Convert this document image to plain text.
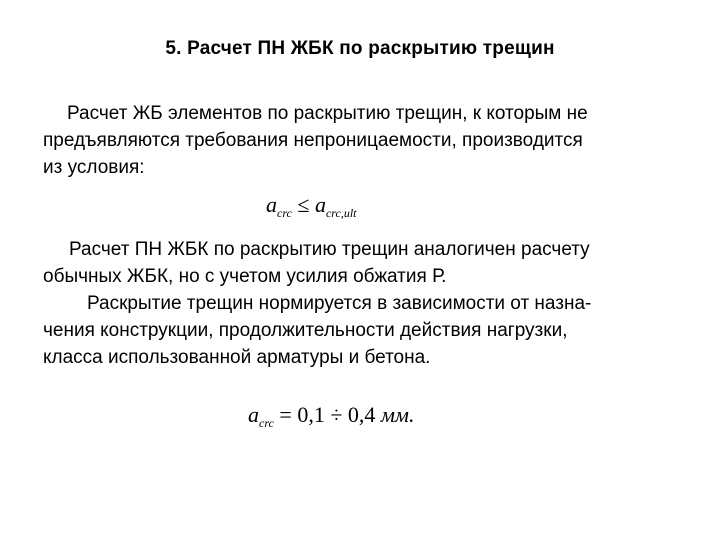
5. Расчет ПН ЖБК по раскрытию трещин
Расчет ЖБ элементов по раскрытию трещин, к которым не
предъявляются требования непроницаемости, производится
из условия:
$a_{crc} \le a_{crc,ult}$
Расчет ПН ЖБК по раскрытию трещин аналогичен расчету
обычных ЖБК, но с учетом усилия обжатия Р.
Раскрытие трещин нормируется в зависимости от назна-
чения конструкции, продолжительности действия нагрузки,
класса использованной арматуры и бетона.
$a_{crc} = 0,1 \div 0,4$ мм.
